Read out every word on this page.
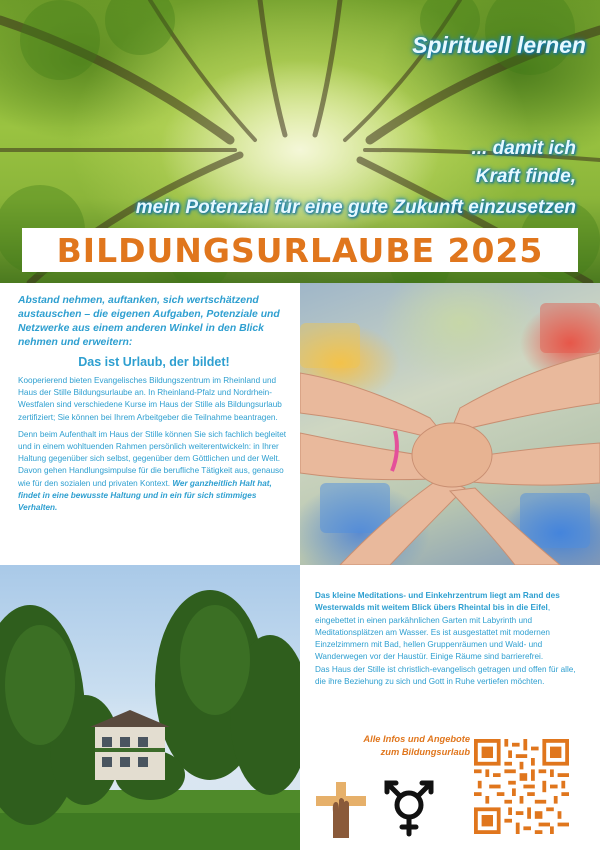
Spirituell lernen
... damit ich
Kraft finde,
mein Potenzial für eine gute Zukunft einzusetzen
BILDUNGSURLAUBE 2025

Abstand nehmen, auftanken, sich wertschätzend austauschen – die eigenen Aufgaben, Potenziale und Netzwerke aus einem anderen Winkel in den Blick nehmen und erweitern:

Das ist Urlaub, der bildet!

Kooperierend bieten Evangelisches Bildungszentrum im Rheinland und Haus der Stille Bildungsurlaube an. In Rheinland-Pfalz und Nordrhein-Westfalen sind verschiedene Kurse im Haus der Stille als Bildungsurlaub zertifiziert; Sie können bei Ihrem Arbeitgeber die Teilnahme beantragen.

Denn beim Aufenthalt im Haus der Stille können Sie sich fachlich begleitet und in einem wohltuenden Rahmen persönlich weiterentwickeln: in Ihrer Haltung gegenüber sich selbst, gegenüber dem Göttlichen und der Welt. Davon gehen Handlungsimpulse für die berufliche Tätigkeit aus, genauso wie für den sozialen und privaten Kontext. Wer ganzheitlich Halt hat, findet in eine bewusste Haltung und in ein für sich stimmiges Verhalten.

Das kleine Meditations- und Einkehrzentrum liegt am Rand des Westerwalds mit weitem Blick übers Rheintal bis in die Eifel, eingebettet in einen parkähnlichen Garten mit Labyrinth und Meditationsplätzen am Wasser. Es ist ausgestattet mit modernen Einzelzimmern mit Bad, hellen Gruppenräumen und Wald- und Wanderwegen vor der Haustür. Einige Räume sind barrierefrei.

Das Haus der Stille ist christlich-evangelisch getragen und offen für alle, die ihre Beziehung zu sich und Gott in Ruhe vertiefen möchten.

Alle Infos und Angebote
zum Bildungsurlaub
